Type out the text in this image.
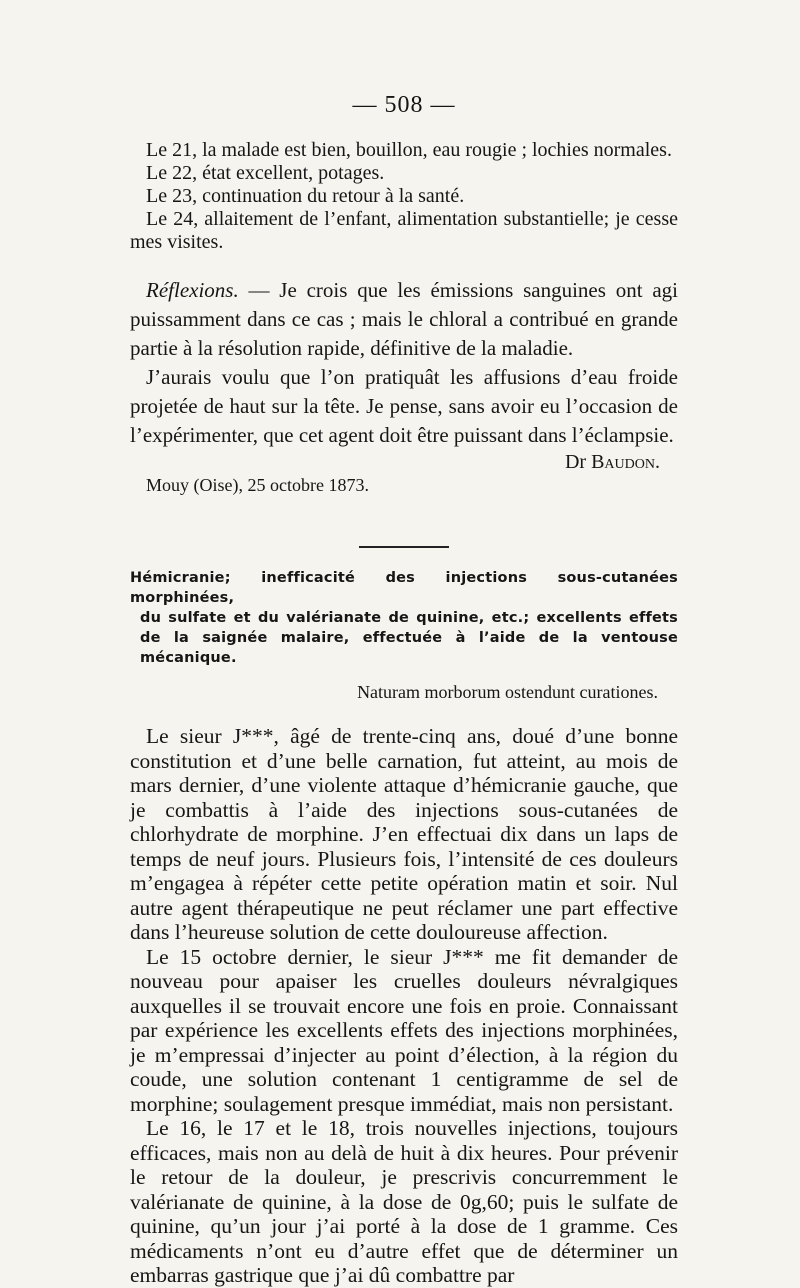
— 508 —

Le 21, la malade est bien, bouillon, eau rougie ; lochies normales.

Le 22, état excellent, potages.

Le 23, continuation du retour à la santé.

Le 24, allaitement de l’enfant, alimentation substantielle; je cesse mes visites.

Réflexions. — Je crois que les émissions sanguines ont agi puissamment dans ce cas ; mais le chloral a contribué en grande partie à la résolution rapide, définitive de la maladie.

J’aurais voulu que l’on pratiquât les affusions d’eau froide projetée de haut sur la tête. Je pense, sans avoir eu l’occasion de l’expérimenter, que cet agent doit être puissant dans l’éclampsie.

Dr Baudon.
Mouy (Oise), 25 octobre 1873.
Hémicranie; inefficacité des injections sous-cutanées morphinées,
du sulfate et du valérianate de quinine, etc.; excellents effets de la saignée malaire, effectuée à l’aide de la ventouse mécanique.
Naturam morborum ostendunt curationes.

Le sieur J***, âgé de trente-cinq ans, doué d’une bonne constitution et d’une belle carnation, fut atteint, au mois de mars dernier, d’une violente attaque d’hémicranie gauche, que je combattis à l’aide des injections sous-cutanées de chlorhydrate de morphine. J’en effectuai dix dans un laps de temps de neuf jours. Plusieurs fois, l’intensité de ces douleurs m’engagea à répéter cette petite opération matin et soir. Nul autre agent thérapeutique ne peut réclamer une part effective dans l’heureuse solution de cette douloureuse affection.

Le 15 octobre dernier, le sieur J*** me fit demander de nouveau pour apaiser les cruelles douleurs névralgiques auxquelles il se trouvait encore une fois en proie. Connaissant par expérience les excellents effets des injections morphinées, je m’empressai d’injecter au point d’élection, à la région du coude, une solution contenant 1 centigramme de sel de morphine; soulagement presque immédiat, mais non persistant.

Le 16, le 17 et le 18, trois nouvelles injections, toujours efficaces, mais non au delà de huit à dix heures. Pour prévenir le retour de la douleur, je prescrivis concurremment le valérianate de quinine, à la dose de 0g,60; puis le sulfate de quinine, qu’un jour j’ai porté à la dose de 1 gramme. Ces médicaments n’ont eu d’autre effet que de déterminer un embarras gastrique que j’ai dû combattre par
